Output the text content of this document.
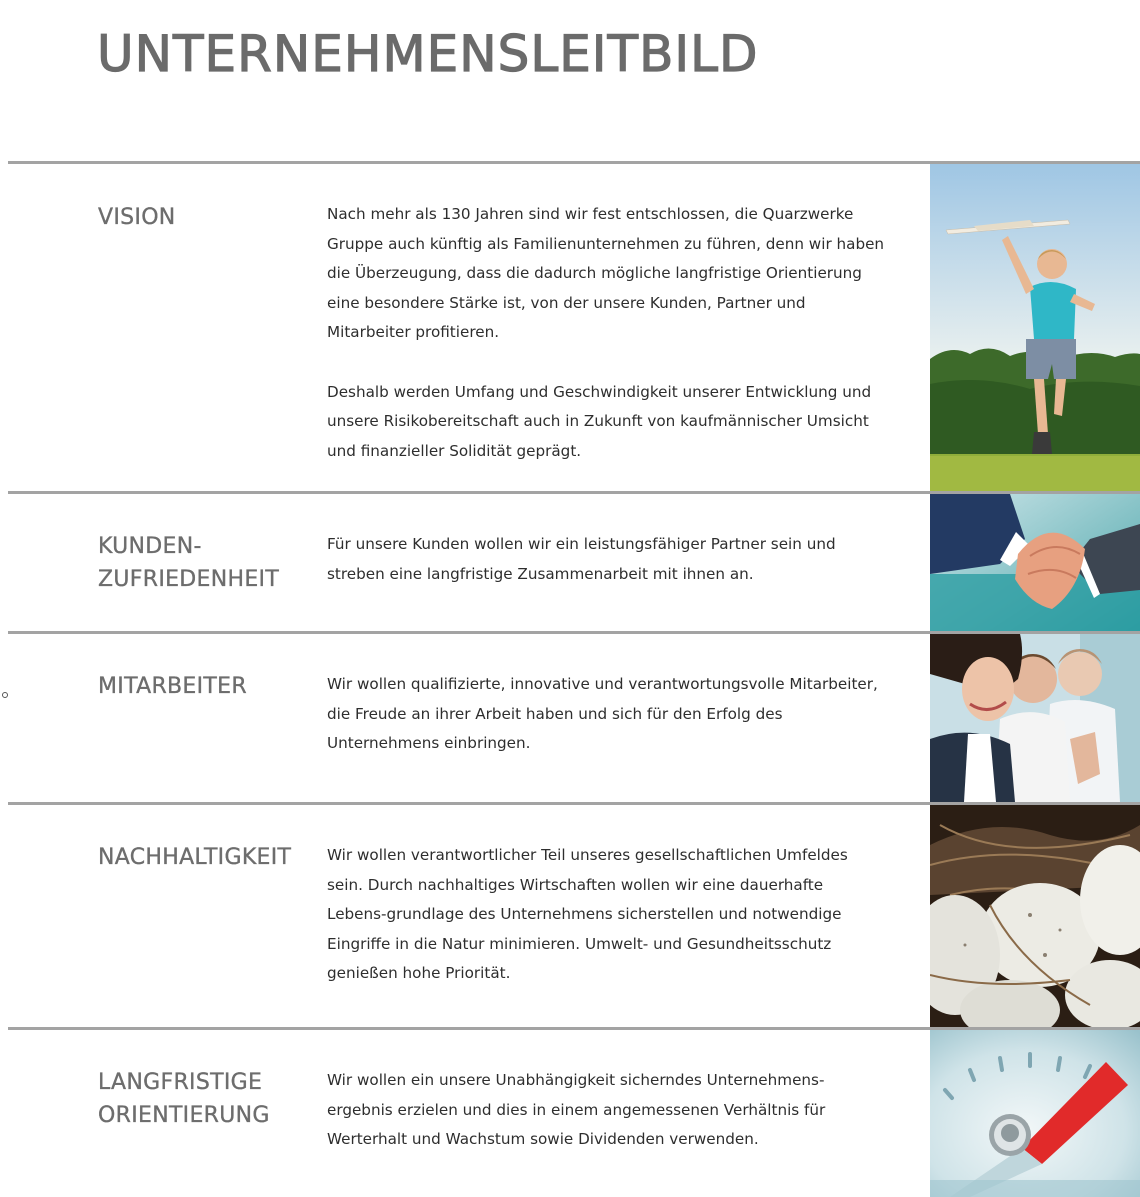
UNTERNEHMENSLEITBILD
VISION	Nach mehr als 130 Jahren sind wir fest entschlossen, die Quarzwerke Gruppe auch künftig als Familienunternehmen zu führen, denn wir haben die Überzeugung, dass die dadurch mögliche langfristige Orientierung eine besondere Stärke ist, von der unsere Kunden, Partner und Mitarbeiter profitieren.

Deshalb werden Umfang und Geschwindigkeit unserer Entwicklung und unsere Risikobereitschaft auch in Zukunft von kaufmännischer Umsicht und finanzieller Solidität geprägt.

KUNDEN-
ZUFRIEDENHEIT

Für unsere Kunden wollen wir ein leistungsfähiger Partner sein und streben eine langfristige Zusammenarbeit mit ihnen an.

MITARBEITER	Wir wollen qualifizierte, innovative und verantwortungsvolle Mitarbeiter, die Freude an ihrer Arbeit haben und sich für den Erfolg des Unternehmens einbringen.

NACHHALTIGKEIT Wir wollen verantwortlicher Teil unseres gesellschaftlichen Umfeldes sein. Durch nachhaltiges Wirtschaften wollen wir eine dauerhafte Lebens-grundlage des Unternehmens sicherstellen und notwendige Eingriffe in die Natur minimieren. Umwelt- und Gesundheitsschutz genießen hohe Priorität.

LANGFRISTIGE
ORIENTIERUNG

Wir wollen ein unsere Unabhängigkeit sicherndes Unternehmens-ergebnis erzielen und dies in einem angemessenen Verhältnis für Werterhalt und Wachstum sowie Dividenden verwenden.
